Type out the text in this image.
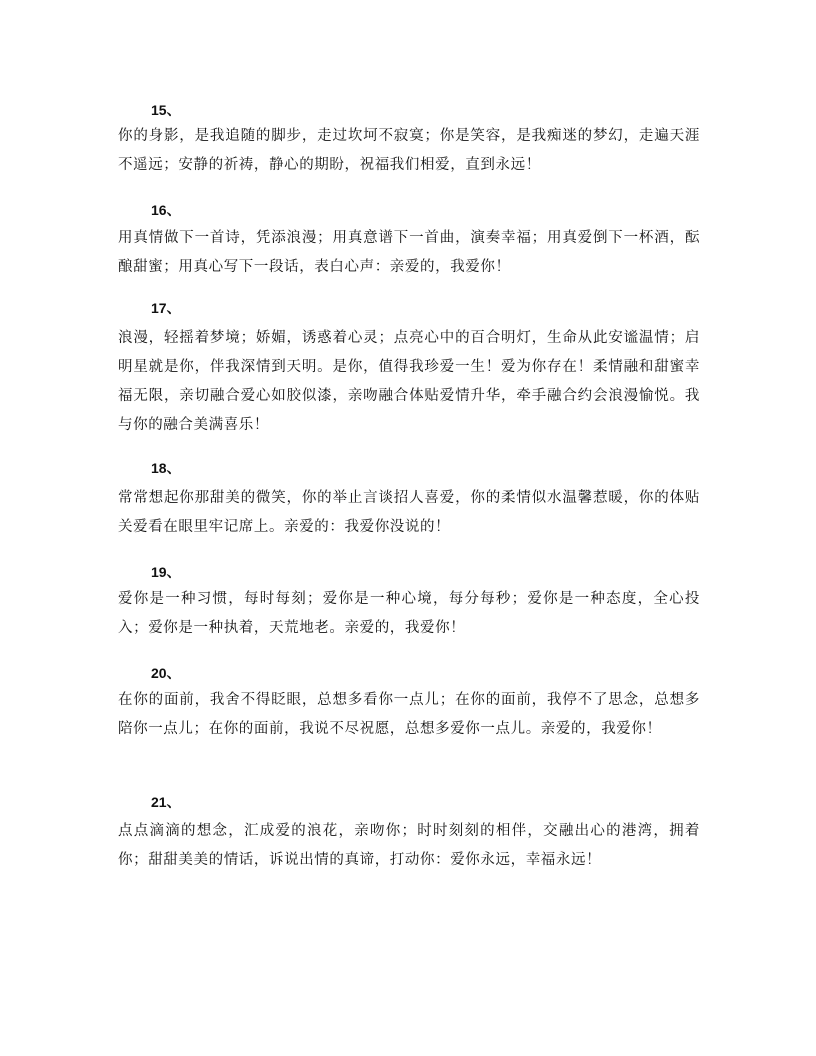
15、
你的身影，是我追随的脚步，走过坎坷不寂寞；你是笑容，是我痴迷的梦幻，走遍天涯不遥远；安静的祈祷，静心的期盼，祝福我们相爱，直到永远！
16、
用真情做下一首诗，凭添浪漫；用真意谱下一首曲，演奏幸福；用真爱倒下一杯酒，酝酿甜蜜；用真心写下一段话，表白心声：亲爱的，我爱你！
17、
浪漫，轻摇着梦境；娇媚，诱惑着心灵；点亮心中的百合明灯，生命从此安谧温情；启明星就是你，伴我深情到天明。是你，值得我珍爱一生！爱为你存在！柔情融和甜蜜幸福无限，亲切融合爱心如胶似漆，亲吻融合体贴爱情升华，牵手融合约会浪漫愉悦。我与你的融合美满喜乐！
18、
常常想起你那甜美的微笑，你的举止言谈招人喜爱，你的柔情似水温馨惹暖，你的体贴关爱看在眼里牢记席上。亲爱的：我爱你没说的！
19、
爱你是一种习惯，每时每刻；爱你是一种心境，每分每秒；爱你是一种态度，全心投入；爱你是一种执着，天荒地老。亲爱的，我爱你！
20、
在你的面前，我舍不得眨眼，总想多看你一点儿；在你的面前，我停不了思念，总想多陪你一点儿；在你的面前，我说不尽祝愿，总想多爱你一点儿。亲爱的，我爱你！
21、
点点滴滴的想念，汇成爱的浪花，亲吻你；时时刻刻的相伴，交融出心的港湾，拥着你；甜甜美美的情话，诉说出情的真谛，打动你：爱你永远，幸福永远！
